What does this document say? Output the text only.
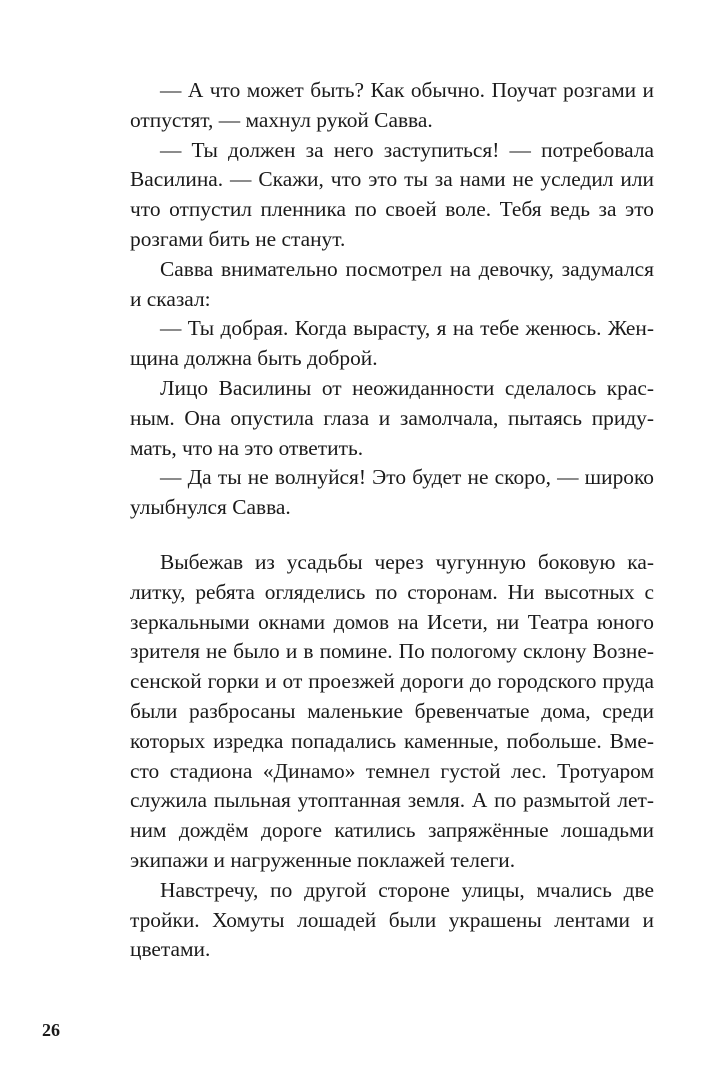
— А что может быть? Как обычно. Поучат розгами и отпустят, — махнул рукой Савва.

— Ты должен за него заступиться! — потребовала Василина. — Скажи, что это ты за нами не уследил или что отпустил пленника по своей воле. Тебя ведь за это розгами бить не станут.

Савва внимательно посмотрел на девочку, задумался и сказал:

— Ты добрая. Когда вырасту, я на тебе женюсь. Женщина должна быть доброй.

Лицо Василины от неожиданности сделалось красным. Она опустила глаза и замолчала, пытаясь придумать, что на это ответить.

— Да ты не волнуйся! Это будет не скоро, — широко улыбнулся Савва.

Выбежав из усадьбы через чугунную боковую калитку, ребята огляделись по сторонам. Ни высотных с зеркальными окнами домов на Исети, ни Театра юного зрителя не было и в помине. По пологому склону Вознесенской горки и от проезжей дороги до городского пруда были разбросаны маленькие бревенчатые дома, среди которых изредка попадались каменные, побольше. Вместо стадиона «Динамо» темнел густой лес. Тротуаром служила пыльная утоптанная земля. А по размытой летним дождём дороге катились запряжённые лошадьми экипажи и нагруженные поклажей телеги.

Навстречу, по другой стороне улицы, мчались две тройки. Хомуты лошадей были украшены лентами и цветами.

26
